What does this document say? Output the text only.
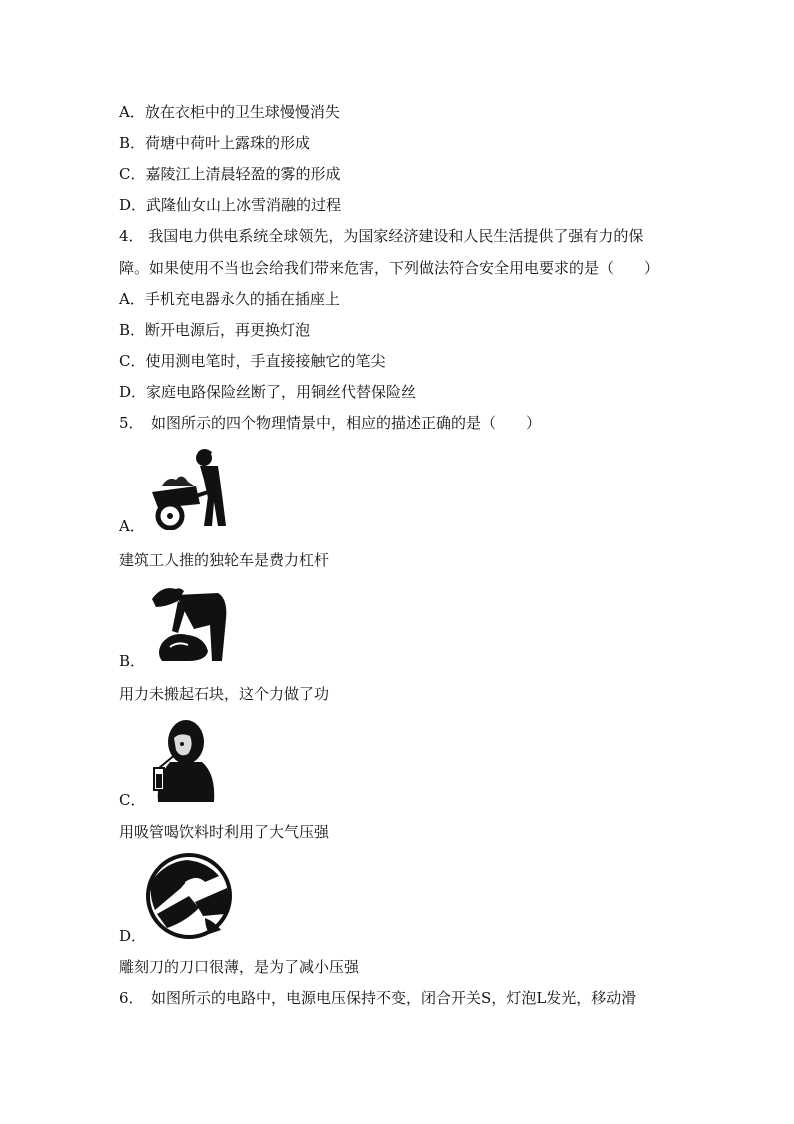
A．放在衣柜中的卫生球慢慢消失
B．荷塘中荷叶上露珠的形成
C．嘉陵江上清晨轻盈的雾的形成
D．武隆仙女山上冰雪消融的过程
4． 我国电力供电系统全球领先，为国家经济建设和人民生活提供了强有力的保
障。如果使用不当也会给我们带来危害，下列做法符合安全用电要求的是（　　）
A．手机充电器永久的插在插座上
B．断开电源后，再更换灯泡
C．使用测电笔时，手直接接触它的笔尖
D．家庭电路保险丝断了，用铜丝代替保险丝
5．　如图所示的四个物理情景中，相应的描述正确的是（　　）
A．
建筑工人推的独轮车是费力杠杆
B．
用力未搬起石块，这个力做了功
C．
用吸管喝饮料时利用了大气压强
D．
雕刻刀的刀口很薄，是为了减小压强
6．　如图所示的电路中，电源电压保持不变，闭合开关S，灯泡L发光，移动滑
